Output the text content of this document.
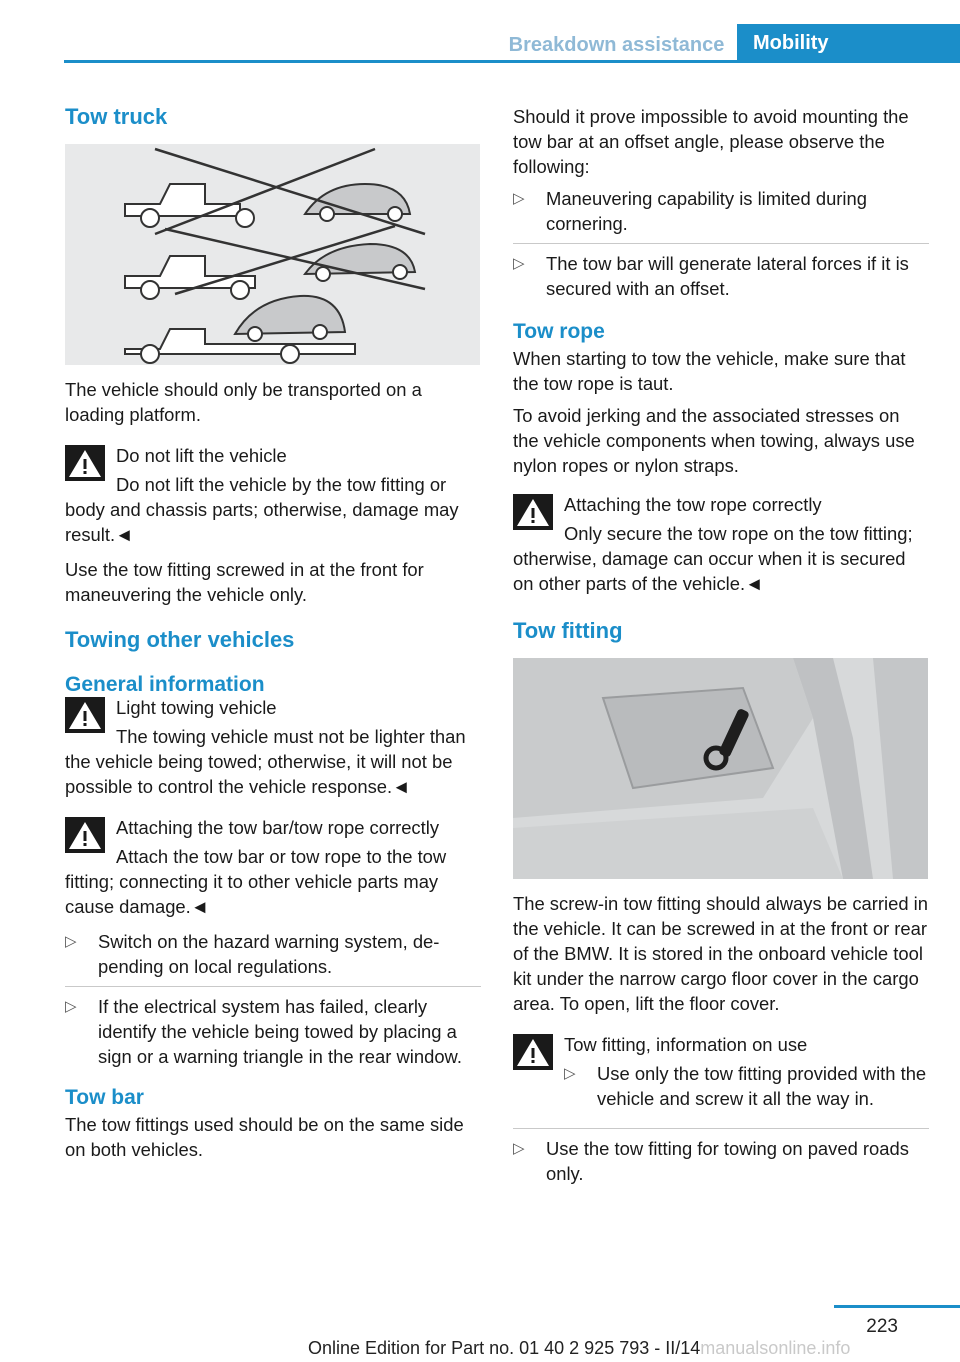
Breakdown assistance	Mobility
Tow truck

The vehicle should only be transported on a loading platform.

Do not lift the vehicle
Do not lift the vehicle by the tow fitting or body and chassis parts; otherwise, damage may result.◄

Use the tow fitting screwed in at the front for maneuvering the vehicle only.

Towing other vehicles
General information
Light towing vehicle
The towing vehicle must not be lighter than the vehicle being towed; otherwise, it will not be possible to control the vehicle response.◄
Attaching the tow bar/tow rope correctly
Attach the tow bar or tow rope to the tow fitting; connecting it to other vehicle parts may cause damage.◄
▷ Switch on the hazard warning system, depending on local regulations.
▷ If the electrical system has failed, clearly identify the vehicle being towed by placing a sign or a warning triangle in the rear window.
Tow bar

The tow fittings used should be on the same side on both vehicles.

Should it prove impossible to avoid mounting the tow bar at an offset angle, please observe the following:

▷ Maneuvering capability is limited during cornering.
▷ The tow bar will generate lateral forces if it is secured with an offset.
Tow rope

When starting to tow the vehicle, make sure that the tow rope is taut.

To avoid jerking and the associated stresses on the vehicle components when towing, always use nylon ropes or nylon straps.

Attaching the tow rope correctly
Only secure the tow rope on the tow fitting; otherwise, damage can occur when it is secured on other parts of the vehicle.◄
Tow fitting

The screw-in tow fitting should always be carried in the vehicle. It can be screwed in at the front or rear of the BMW. It is stored in the onboard vehicle tool kit under the narrow cargo floor cover in the cargo area. To open, lift the floor cover.

Tow fitting, information on use
▷ Use only the tow fitting provided with the vehicle and screw it all the way in.
▷ Use the tow fitting for towing on paved roads only.
223
Online Edition for Part no. 01 40 2 925 793 - II/14manualsonline.info
